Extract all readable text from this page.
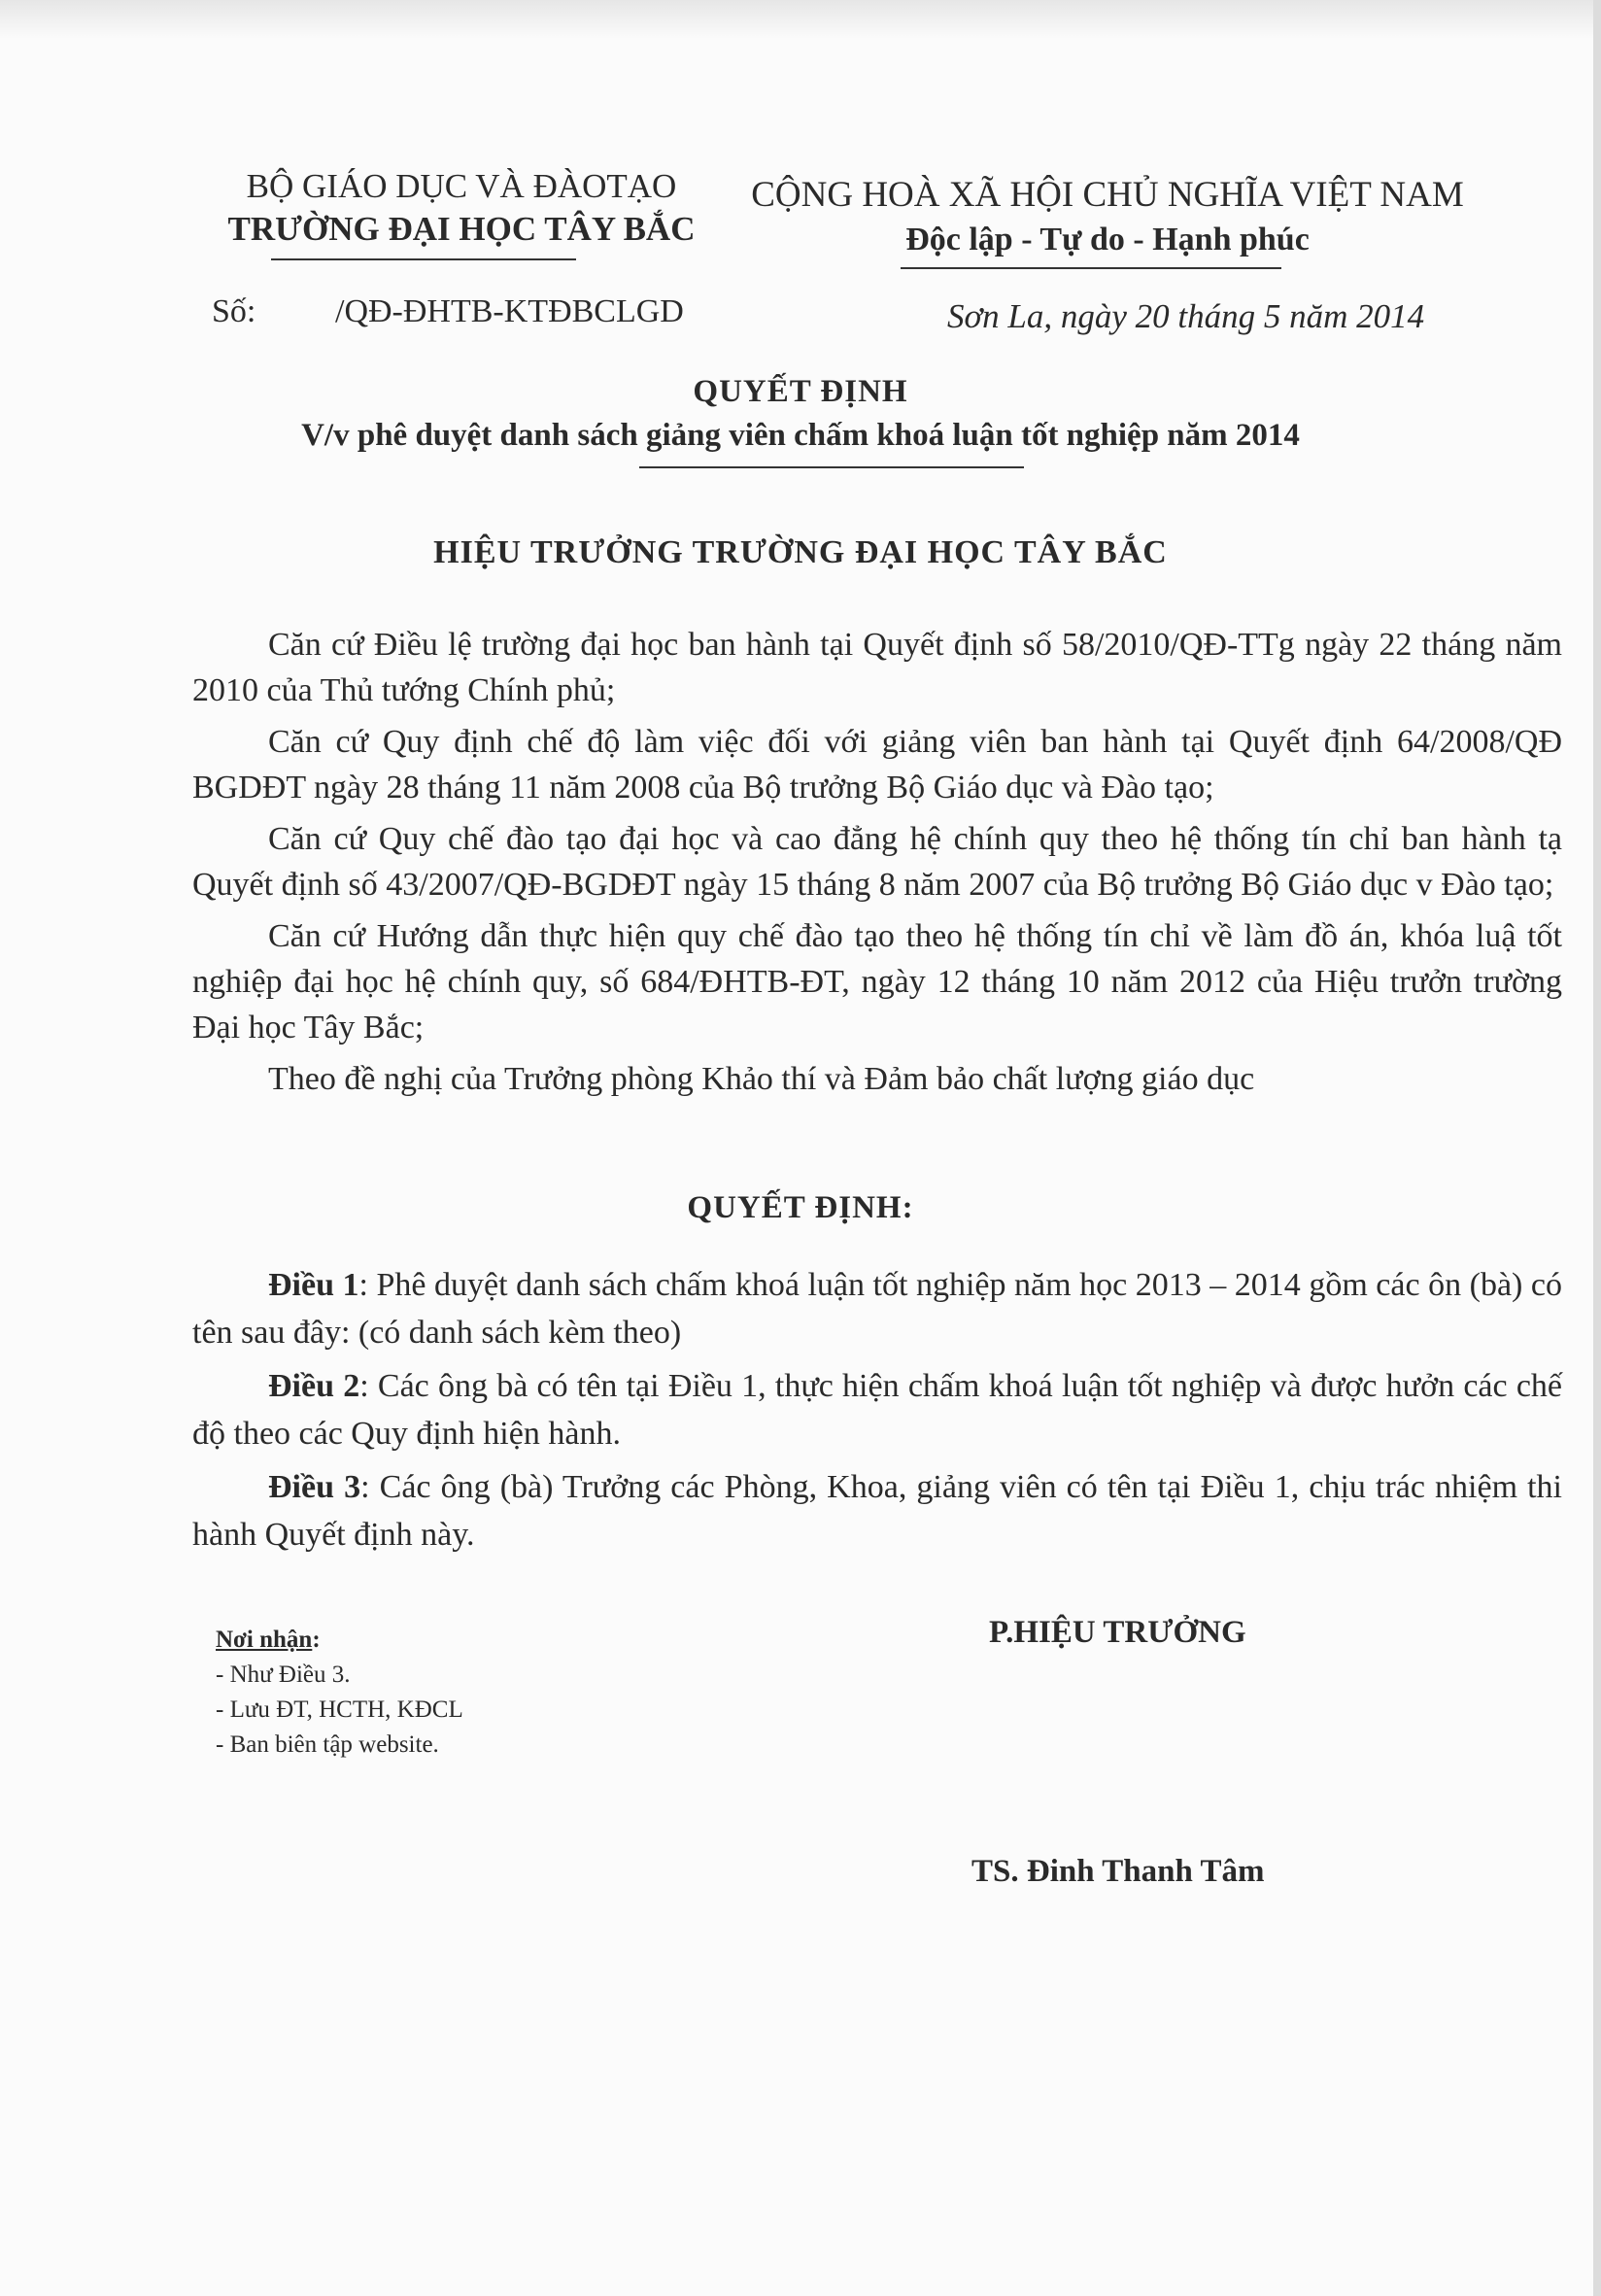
BỘ GIÁO DỤC VÀ ĐÀOTẠO
TRƯỜNG ĐẠI HỌC TÂY BẮC
CỘNG HOÀ XÃ HỘI CHỦ NGHĨA VIỆT NAM
Độc lập - Tự do - Hạnh phúc
Số: /QĐ-ĐHTB-KTĐBCLGD	Sơn La, ngày 20 tháng 5 năm 2014
QUYẾT ĐỊNH
V/v phê duyệt danh sách giảng viên chấm khoá luận tốt nghiệp năm 2014
HIỆU TRƯỞNG TRƯỜNG ĐẠI HỌC TÂY BẮC

Căn cứ Điều lệ trường đại học ban hành tại Quyết định số 58/2010/QĐ-TTg ngày 22 tháng năm 2010 của Thủ tướng Chính phủ;

Căn cứ Quy định chế độ làm việc đối với giảng viên ban hành tại Quyết định 64/2008/QĐ BGDĐT ngày 28 tháng 11 năm 2008 của Bộ trưởng Bộ Giáo dục và Đào tạo;

Căn cứ Quy chế đào tạo đại học và cao đẳng hệ chính quy theo hệ thống tín chỉ ban hành tạ Quyết định số 43/2007/QĐ-BGDĐT ngày 15 tháng 8 năm 2007 của Bộ trưởng Bộ Giáo dục v Đào tạo;

Căn cứ Hướng dẫn thực hiện quy chế đào tạo theo hệ thống tín chỉ về làm đồ án, khóa luậ tốt nghiệp đại học hệ chính quy, số 684/ĐHTB-ĐT, ngày 12 tháng 10 năm 2012 của Hiệu trưởn trường Đại học Tây Bắc;

Theo đề nghị của Trưởng phòng Khảo thí và Đảm bảo chất lượng giáo dục

QUYẾT ĐỊNH:

Điều 1: Phê duyệt danh sách chấm khoá luận tốt nghiệp năm học 2013 – 2014 gồm các ôn (bà) có tên sau đây: (có danh sách kèm theo)

Điều 2: Các ông bà có tên tại Điều 1, thực hiện chấm khoá luận tốt nghiệp và được hưởn các chế độ theo các Quy định hiện hành.

Điều 3: Các ông (bà) Trưởng các Phòng, Khoa, giảng viên có tên tại Điều 1, chịu trác nhiệm thi hành Quyết định này.

Nơi nhận:
- Như Điều 3.
- Lưu ĐT, HCTH, KĐCL
- Ban biên tập website.
P.HIỆU TRƯỞNG
TS. Đinh Thanh Tâm
